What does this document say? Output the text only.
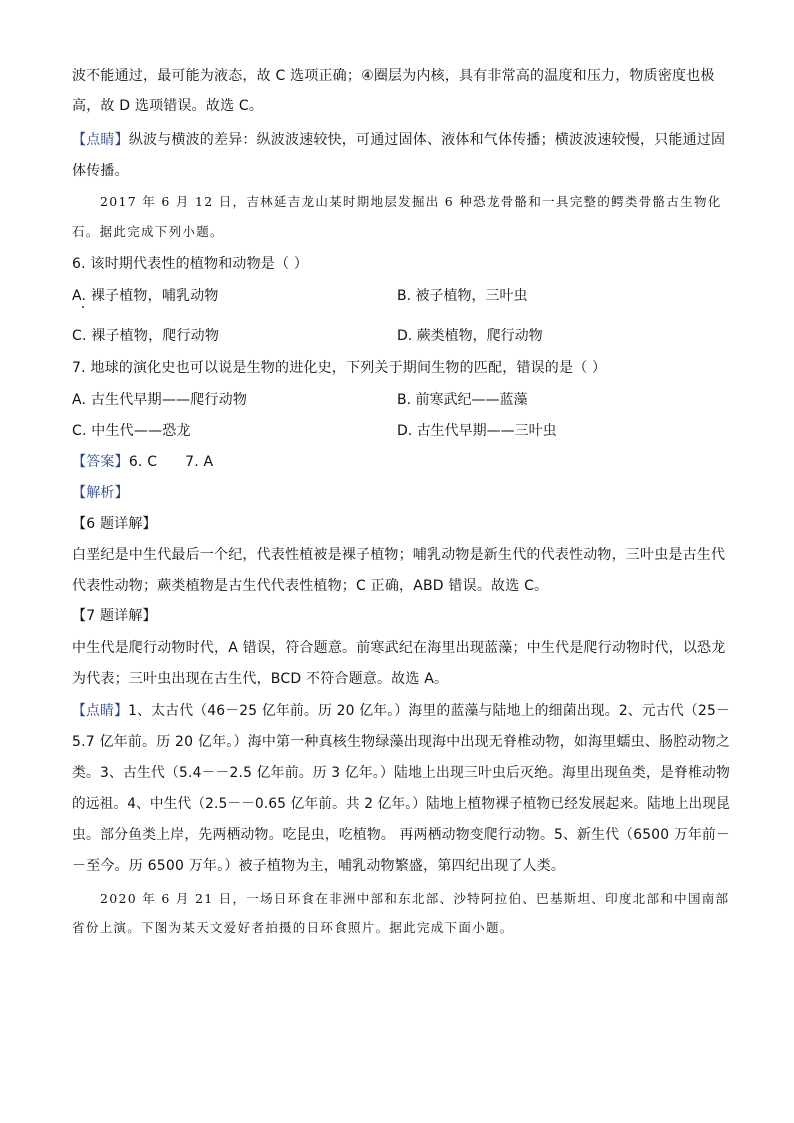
波不能通过，最可能为液态，故 C 选项正确；④圈层为内核，具有非常高的温度和压力，物质密度也极
高，故 D 选项错误。故选 C。
【点睛】纵波与横波的差异：纵波波速较快，可通过固体、液体和气体传播；横波波速较慢，只能通过固
体传播。
2017 年 6 月 12 日，吉林延吉龙山某时期地层发掘出 6 种恐龙骨骼和一具完整的鳄类骨骼古生物化
石。据此完成下列小题。
6. 该时期代表性的植物和动物是（ ）
A. 裸子植物，哺乳动物	B. 被子植物，三叶虫
C. 裸子植物，爬行动物	D. 蕨类植物，爬行动物
7. 地球的演化史也可以说是生物的进化史，下列关于期间生物的匹配，错误的是（ ）
A. 古生代早期——爬行动物	B. 前寒武纪——蓝藻
C. 中生代——恐龙	D. 古生代早期——三叶虫
【答案】6. C      7. A
【解析】
【6 题详解】
白垩纪是中生代最后一个纪，代表性植被是裸子植物；哺乳动物是新生代的代表性动物，三叶虫是古生代
代表性动物；蕨类植物是古生代代表性植物；C 正确，ABD 错误。故选 C。
【7 题详解】
中生代是爬行动物时代，A 错误，符合题意。前寒武纪在海里出现蓝藻；中生代是爬行动物时代，以恐龙
为代表；三叶虫出现在古生代，BCD 不符合题意。故选 A。
【点睛】1、太古代（46－25 亿年前。历 20 亿年。）海里的蓝藻与陆地上的细菌出现。2、元古代（25－
5.7 亿年前。历 20 亿年。）海中第一种真核生物绿藻出现海中出现无脊椎动物，如海里蠕虫、肠腔动物之
类。3、古生代（5.4－－2.5 亿年前。历 3 亿年。）陆地上出现三叶虫后灭绝。海里出现鱼类，是脊椎动物
的远祖。4、中生代（2.5－－0.65 亿年前。共 2 亿年。）陆地上植物裸子植物已经发展起来。陆地上出现昆
虫。部分鱼类上岸，先两栖动物。吃昆虫，吃植物。 再两栖动物变爬行动物。5、新生代（6500 万年前－
－至今。历 6500 万年。）被子植物为主，哺乳动物繁盛，第四纪出现了人类。
2020 年 6 月 21 日，一场日环食在非洲中部和东北部、沙特阿拉伯、巴基斯坦、印度北部和中国南部
省份上演。下图为某天文爱好者拍摄的日环食照片。据此完成下面小题。
